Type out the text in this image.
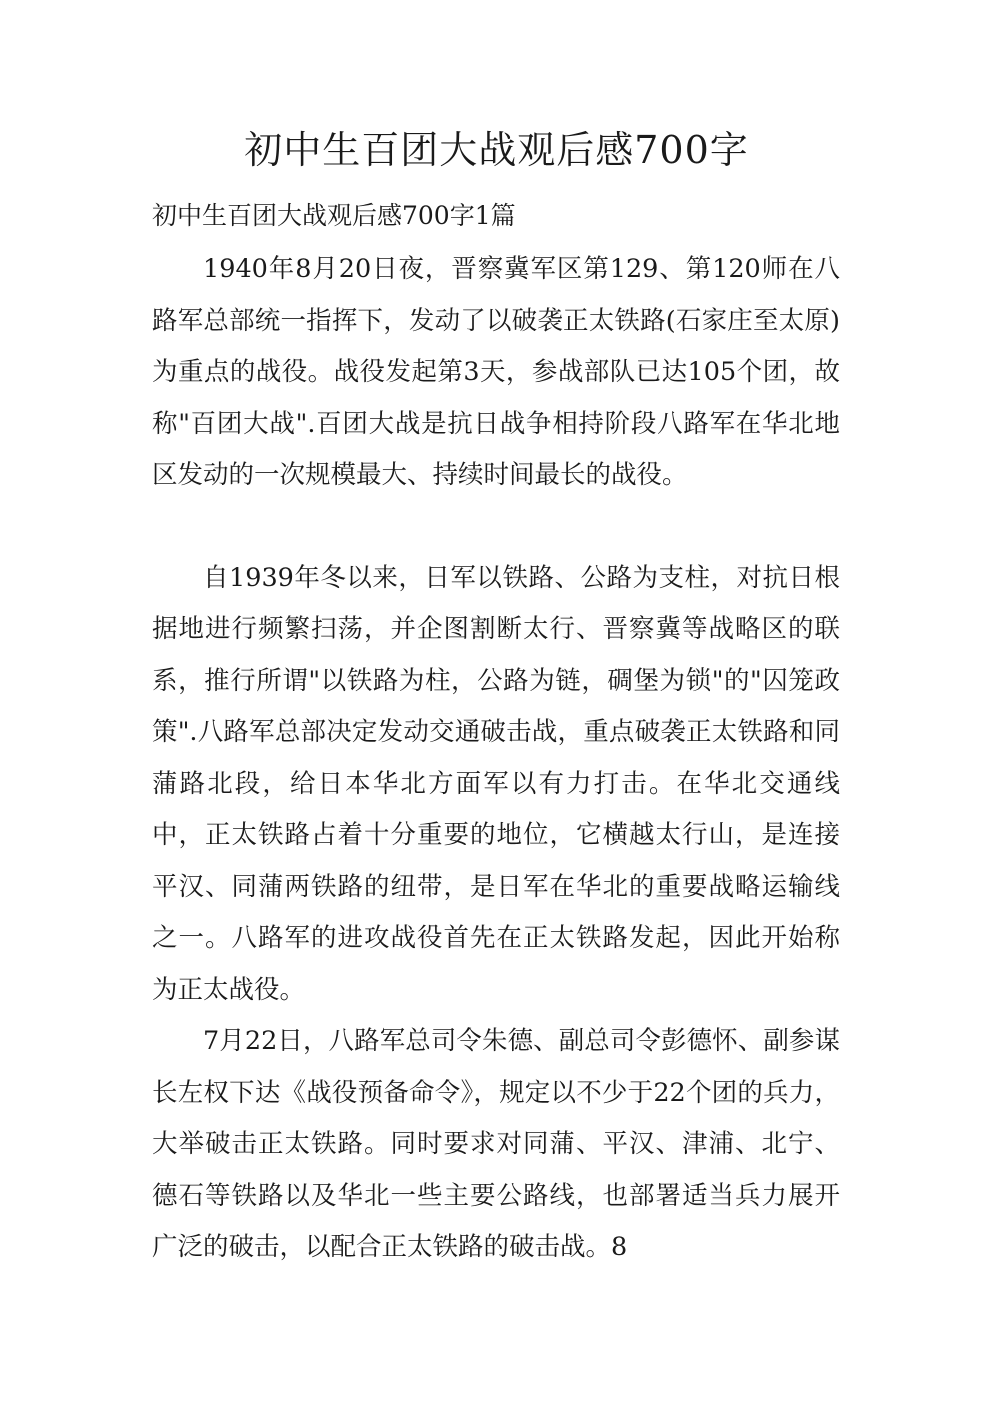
初中生百团大战观后感700字

初中生百团大战观后感700字1篇

1940年8月20日夜，晋察冀军区第129、第120师在八路军总部统一指挥下，发动了以破袭正太铁路(石家庄至太原)为重点的战役。战役发起第3天，参战部队已达105个团，故称"百团大战".百团大战是抗日战争相持阶段八路军在华北地区发动的一次规模最大、持续时间最长的战役。

自1939年冬以来，日军以铁路、公路为支柱，对抗日根据地进行频繁扫荡，并企图割断太行、晋察冀等战略区的联系，推行所谓"以铁路为柱，公路为链，碉堡为锁"的"囚笼政策".八路军总部决定发动交通破击战，重点破袭正太铁路和同蒲路北段，给日本华北方面军以有力打击。在华北交通线中，正太铁路占着十分重要的地位，它横越太行山，是连接平汉、同蒲两铁路的纽带，是日军在华北的重要战略运输线之一。八路军的进攻战役首先在正太铁路发起，因此开始称为正太战役。

7月22日，八路军总司令朱德、副总司令彭德怀、副参谋长左权下达《战役预备命令》，规定以不少于22个团的兵力，大举破击正太铁路。同时要求对同蒲、平汉、津浦、北宁、德石等铁路以及华北一些主要公路线，也部署适当兵力展开广泛的破击，以配合正太铁路的破击战。8
